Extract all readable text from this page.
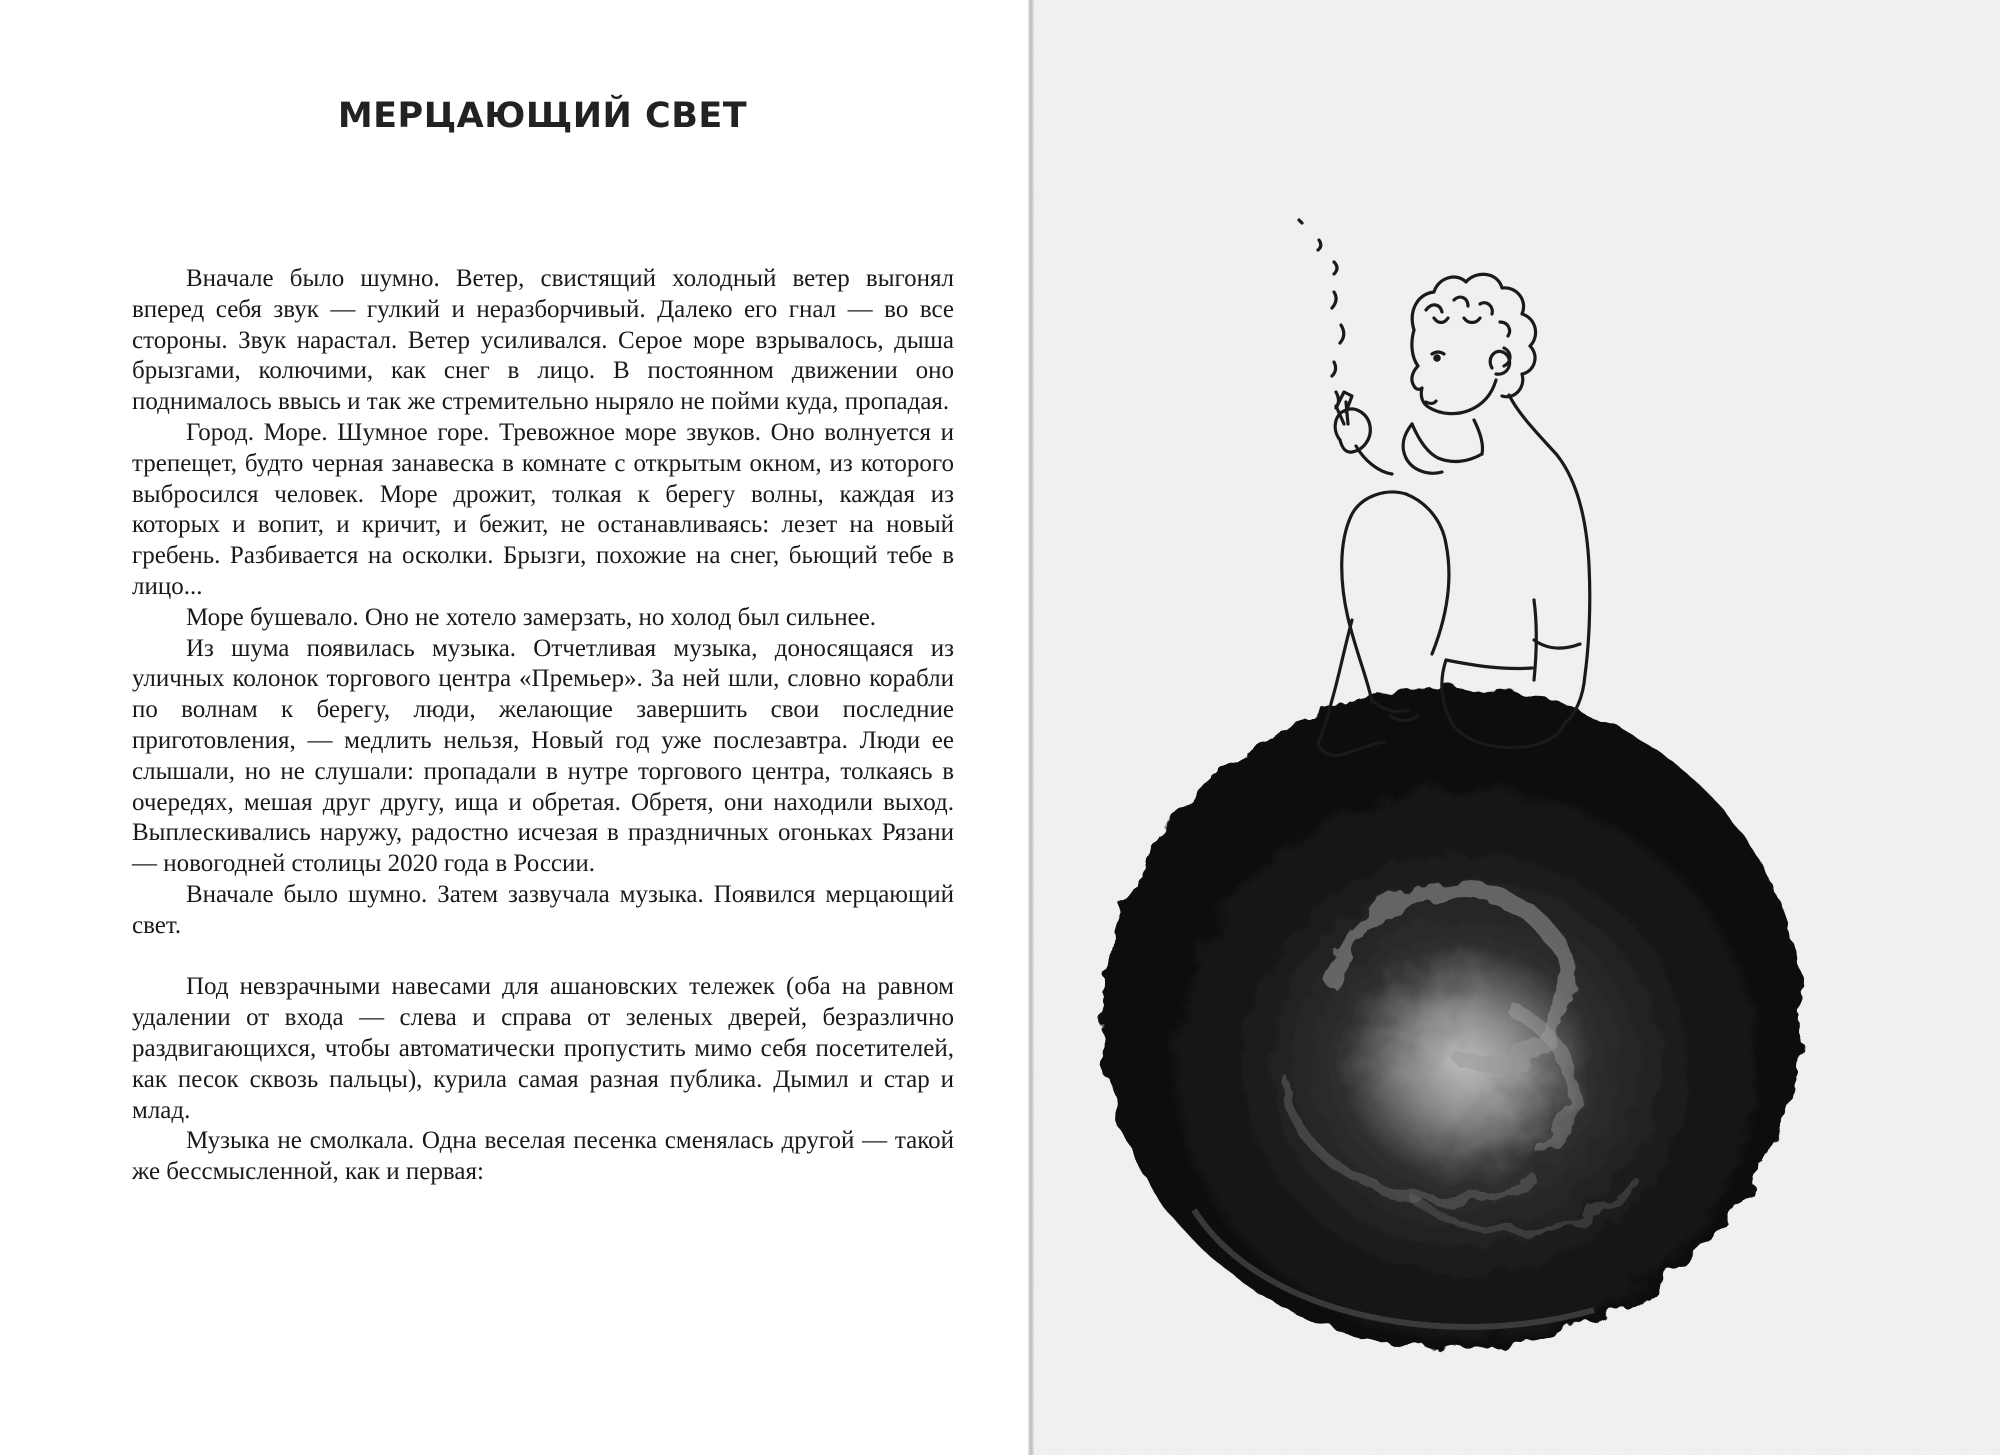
МЕРЦАЮЩИЙ СВЕТ

Вначале было шумно. Ветер, свистящий холодный ветер выгонял вперед себя звук — гулкий и неразборчивый. Далеко его гнал — во все стороны. Звук нарастал. Ветер усиливался. Серое море взрывалось, дыша брызгами, колючими, как снег в лицо. В постоянном движении оно поднималось ввысь и так же стремительно ныряло не пойми куда, пропадая.

Город. Море. Шумное горе. Тревожное море звуков. Оно волнуется и трепещет, будто черная занавеска в комнате с открытым окном, из которого выбросился человек. Море дрожит, толкая к берегу волны, каждая из которых и вопит, и кричит, и бежит, не останавливаясь: лезет на новый гребень. Разбивается на осколки. Брызги, похожие на снег, бьющий тебе в лицо...

Море бушевало. Оно не хотело замерзать, но холод был сильнее.

Из шума появилась музыка. Отчетливая музыка, доносящаяся из уличных колонок торгового центра «Премьер». За ней шли, словно корабли по волнам к берегу, люди, желающие завершить свои последние приготовления, — медлить нельзя, Новый год уже послезавтра. Люди ее слышали, но не слушали: пропадали в нутре торгового центра, толкаясь в очередях, мешая друг другу, ища и обретая. Обретя, они находили выход. Выплескивались наружу, радостно исчезая в праздничных огоньках Рязани — новогодней столицы 2020 года в России.

Вначале было шумно. Затем зазвучала музыка. Появился мерцающий свет.

Под невзрачными навесами для ашановских тележек (оба на равном удалении от входа — слева и справа от зеленых дверей, безразлично раздвигающихся, чтобы автоматически пропустить мимо себя посетителей, как песок сквозь пальцы), курила самая разная публика. Дымил и стар и млад.

Музыка не смолкала. Одна веселая песенка сменялась другой — такой же бессмысленной, как и первая:
